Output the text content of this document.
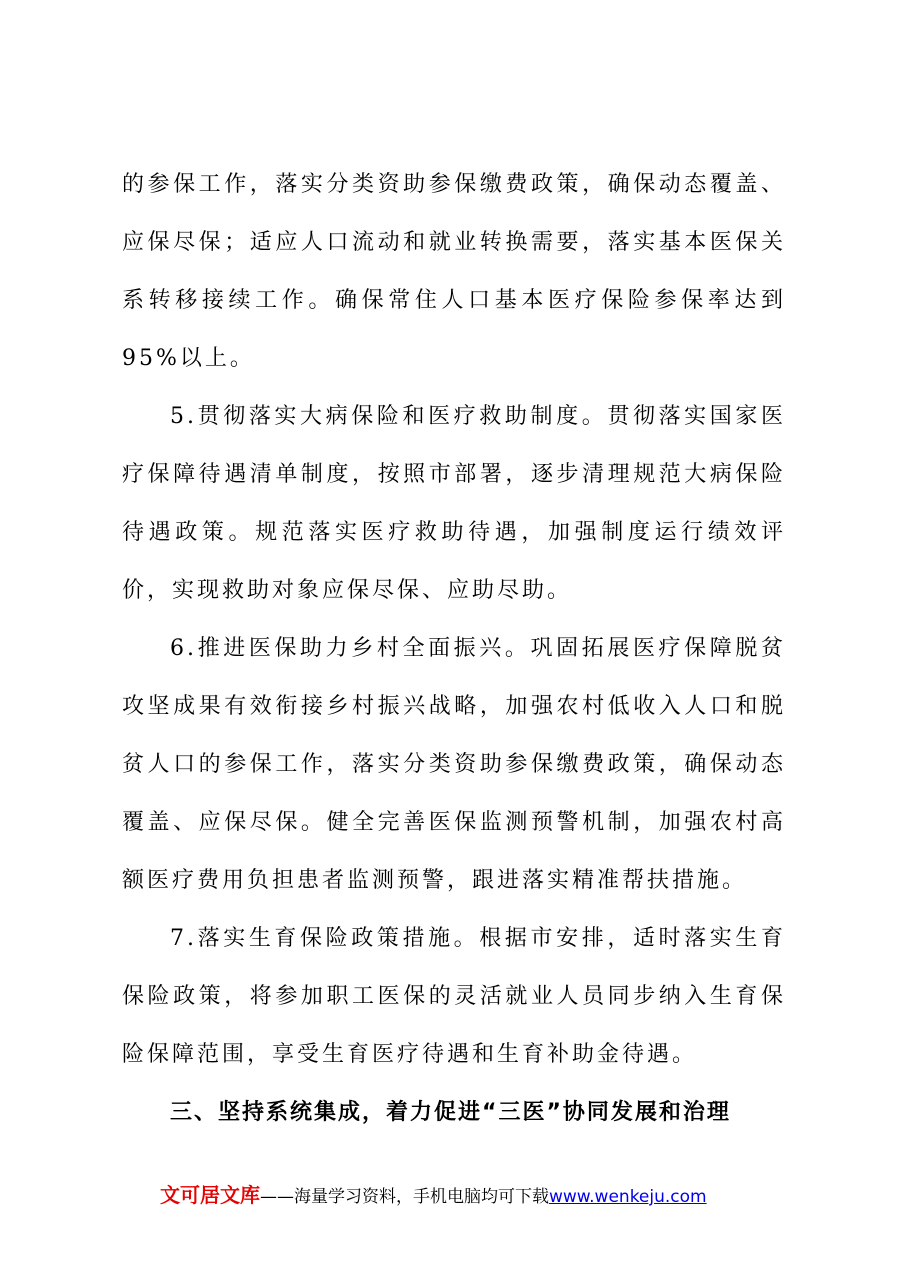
的参保工作，落实分类资助参保缴费政策，确保动态覆盖、应保尽保；适应人口流动和就业转换需要，落实基本医保关系转移接续工作。确保常住人口基本医疗保险参保率达到95%以上。

5.贯彻落实大病保险和医疗救助制度。贯彻落实国家医疗保障待遇清单制度，按照市部署，逐步清理规范大病保险待遇政策。规范落实医疗救助待遇，加强制度运行绩效评价，实现救助对象应保尽保、应助尽助。

6.推进医保助力乡村全面振兴。巩固拓展医疗保障脱贫攻坚成果有效衔接乡村振兴战略，加强农村低收入人口和脱贫人口的参保工作，落实分类资助参保缴费政策，确保动态覆盖、应保尽保。健全完善医保监测预警机制，加强农村高额医疗费用负担患者监测预警，跟进落实精准帮扶措施。

7.落实生育保险政策措施。根据市安排，适时落实生育保险政策，将参加职工医保的灵活就业人员同步纳入生育保险保障范围，享受生育医疗待遇和生育补助金待遇。

三、坚持系统集成，着力促进“三医”协同发展和治理

文可居文库——海量学习资料，手机电脑均可下载www.wenkeju.com
